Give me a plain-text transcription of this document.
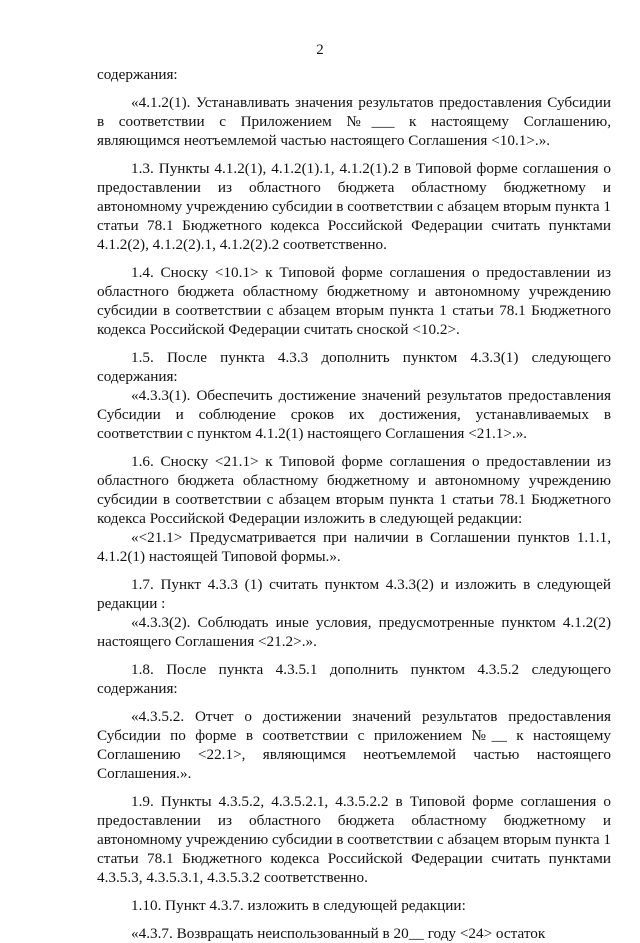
2

содержания:

«4.1.2(1). Устанавливать значения результатов предоставления Субсидии в соответствии с Приложением №___ к настоящему Соглашению, являющимся неотъемлемой частью настоящего Соглашения <10.1>.».

1.3. Пункты 4.1.2(1), 4.1.2(1).1, 4.1.2(1).2 в Типовой форме соглашения о предоставлении из областного бюджета областному бюджетному и автономному учреждению субсидии в соответствии с абзацем вторым пункта 1 статьи 78.1 Бюджетного кодекса Российской Федерации считать пунктами 4.1.2(2), 4.1.2(2).1, 4.1.2(2).2 соответственно.

1.4. Сноску <10.1> к Типовой форме соглашения о предоставлении из областного бюджета областному бюджетному и автономному учреждению субсидии в соответствии с абзацем вторым пункта 1 статьи 78.1 Бюджетного кодекса Российской Федерации считать сноской <10.2>.

1.5. После пункта 4.3.3 дополнить пунктом 4.3.3(1) следующего содержания:

«4.3.3(1). Обеспечить достижение значений результатов предоставления Субсидии и соблюдение сроков их достижения, устанавливаемых в соответствии с пунктом 4.1.2(1) настоящего Соглашения <21.1>.».

1.6. Сноску <21.1> к Типовой форме соглашения о предоставлении из областного бюджета областному бюджетному и автономному учреждению субсидии в соответствии с абзацем вторым пункта 1 статьи 78.1 Бюджетного кодекса Российской Федерации изложить в следующей редакции:

«<21.1> Предусматривается при наличии в Соглашении пунктов 1.1.1, 4.1.2(1) настоящей Типовой формы.».

1.7. Пункт 4.3.3 (1) считать пунктом 4.3.3(2) и изложить в следующей редакции :

«4.3.3(2). Соблюдать иные условия, предусмотренные пунктом 4.1.2(2) настоящего Соглашения <21.2>.».

1.8. После пункта 4.3.5.1 дополнить пунктом 4.3.5.2 следующего содержания:

«4.3.5.2. Отчет о достижении значений результатов предоставления Субсидии по форме в соответствии с приложением №__ к настоящему Соглашению <22.1>, являющимся неотъемлемой частью настоящего Соглашения.».

1.9. Пункты 4.3.5.2, 4.3.5.2.1, 4.3.5.2.2 в Типовой форме соглашения о предоставлении из областного бюджета областному бюджетному и автономному учреждению субсидии в соответствии с абзацем вторым пункта 1 статьи 78.1 Бюджетного кодекса Российской Федерации считать пунктами 4.3.5.3, 4.3.5.3.1, 4.3.5.3.2 соответственно.

1.10. Пункт 4.3.7. изложить в следующей редакции:

«4.3.7. Возвращать неиспользованный в 20__ году <24> остаток
